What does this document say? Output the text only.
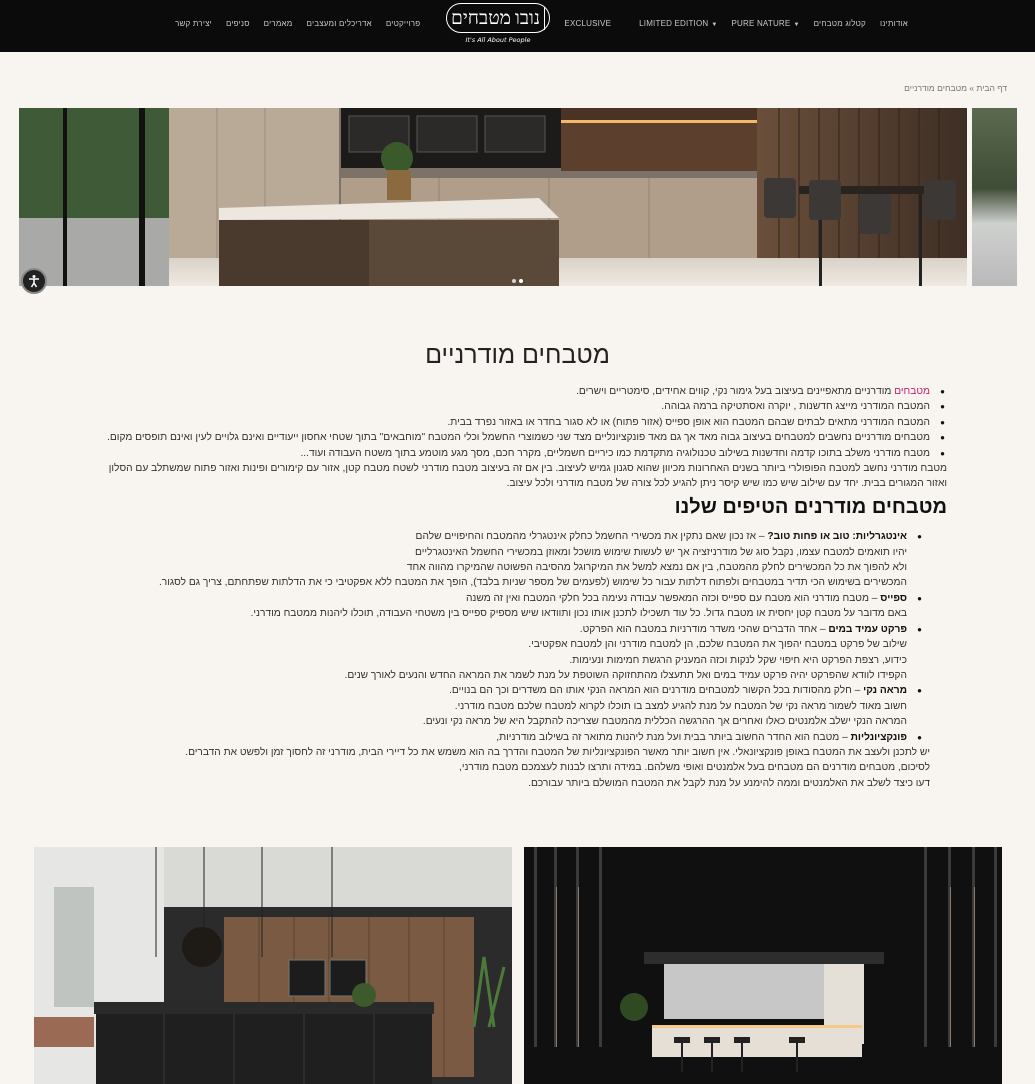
אודותינו
קטלוג מטבחים
▼PURE NATURE
▼LIMITED EDITION
EXCLUSIVE
נובו
מטבחים
It's All About People
פרוייקטים
אדריכלים ומעצבים
מאמרים
סניפים
יצירת קשר
דף הבית » מטבחים מודרניים
מטבחים מודרניים
● מטבחים מודרניים מתאפיינים בעיצוב בעל גימור נקי, קווים אחידים, סימטריים וישרים.
● המטבח המודרני מייצג חדשנות , יוקרה ואסתטיקה ברמה גבוהה.
● המטבח המודרני מתאים לבתים שבהם המטבח הוא אופן ספייס (אזור פתוח) או לא סגור בחדר או באזור נפרד בבית.
● מטבחים מודרניים נחשבים למטבחים בעיצוב גבוה מאד אך גם מאד פונקציונליים מצד שני כשמוצרי החשמל וכלי המטבח "מוחבאים" בתוך שטחי אחסון ייעודיים ואינם גלויים לעין ואינם תופסים מקום.
● מטבח מודרני משלב בתוכו קדמה וחדשנות בשילוב טכנולוגיה מתקדמת כמו כיריים חשמליים, מקרר חכם, מסך מגע מוטמע בתוך משטח העבודה ועוד...

מטבח מודרני נחשב למטבח הפופולרי ביותר בשנים האחרונות מכיוון שהוא סגנון גמיש לעיצוב. בין אם זה בעיצוב מטבח מודרני לשטח מטבח קטן, אזור עם קימורים ופינות ואזור פתוח שמשתלב עם הסלון ואזור המגורים בבית. יחד עם שילוב שיש כמו שיש קיסר ניתן להגיע לכל צורה של מטבח מודרני ולכל עיצוב.

מטבחים מודרנים הטיפים שלנו
● אינטגרליות: טוב או פחות טוב? – אז נכון שאם נתקין את מכשירי החשמל כחלק אינטגרלי מהמטבח והחיפויים שלהם
יהיו תואמים למטבח עצמו, נקבל סוג של מודרניזציה אך יש לעשות שימוש מושכל ומאוזן במכשירי החשמל האינטגרליים
ולא להפוך את כל המכשירים לחלק מהמטבח, בין אם נמצא למשל את המיקרוגל מהסיבה הפשוטה שהמיקרו מהווה אחד
המכשירים בשימוש הכי תדיר במטבחים ולפתוח דלתות עבור כל שימוש (לפעמים של מספר שניות בלבד), הופך את המטבח ללא אפקטיבי כי את הדלתות שפתחתם, צריך גם לסגור.
● ספייס – מטבח מודרני הוא מטבח עם ספייס וכזה המאפשר עבודה נעימה בכל חלקי המטבח ואין זה משנה
באם מדובר על מטבח קטן יחסית או מטבח גדול. כל עוד תשכילו לתכנן אותו נכון ותוודאו שיש מספיק ספייס בין משטחי העבודה, תוכלו ליהנות ממטבח מודרני.
● פרקט עמיד במים – אחד הדברים שהכי משדר מודרניות במטבח הוא הפרקט.
שילוב של פרקט במטבח יהפוך את המטבח שלכם, הן למטבח מודרני והן למטבח אפקטיבי.
כידוע, רצפת הפרקט היא חיפוי שקל לנקות וכזה המעניק הרגשת חמימות ונעימות.
הקפידו לוודא שהפרקט יהיה פרקט עמיד במים ואל תתעצלו מהתחזוקה השוטפת על מנת לשמר את המראה החדש והנעים לאורך שנים.
● מראה נקי – חלק מהסודות בכל הקשור למטבחים מודרנים הוא המראה הנקי אותו הם משדרים וכך הם בנויים.
חשוב מאוד לשמור מראה נקי של המטבח על מנת להגיע למצב בו תוכלו לקרוא למטבח שלכם מטבח מודרני.
המראה הנקי ישלב אלמנטים כאלו ואחרים אך ההרגשה הכללית מהמטבח שצריכה להתקבל היא של מראה נקי ונעים.
● פונקציונליות – מטבח הוא החדר החשוב ביותר בבית ועל מנת ליהנות מתואר זה בשילוב מודרניות,
יש לתכנן ולעצב את המטבח באופן פונקציונאלי. אין חשוב יותר מאשר הפונקציונליות של המטבח והדרך בה הוא משמש את כל דיירי הבית, מודרני זה לחסוך זמן ולפשט את הדברים.
לסיכום, מטבחים מודרנים הם מטבחים בעל אלמנטים ואופי משלהם. במידה ותרצו לבנות לעצמכם מטבח מודרני,
דעו כיצד לשלב את האלמנטים וממה להימנע על מנת לקבל את המטבח המושלם ביותר עבורכם.
